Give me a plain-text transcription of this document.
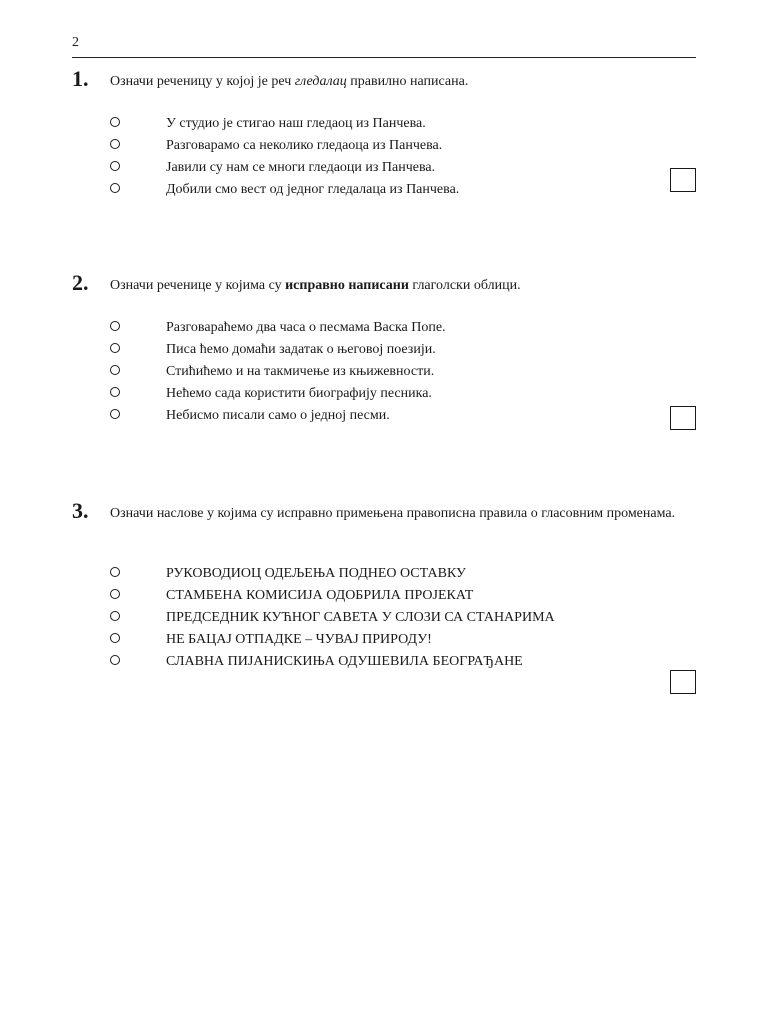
2
1. Означи реченицу у којој је реч гледалац правилно написана.
У студио је стигао наш гледаоц из Панчева.
Разговарамо са неколико гледаоца из Панчева.
Јавили су нам се многи гледаоци из Панчева.
Добили смо вест од једног гледалаца из Панчева.
2. Означи реченице у којима су исправно написани глаголски облици.
Разговараћемо два часа о песмама Васка Попе.
Писа ћемо домаћи задатак о његовој поезији.
Стићићемо и на такмичење из књижевности.
Нећемо сада користити биографију песника.
Небисмо писали само о једној песми.
3. Означи наслове у којима су исправно примењена правописна правила о гласовним променама.
РУКОВОДИОЦ ОДЕЉЕЊА ПОДНЕО ОСТАВКУ
СТАМБЕНА КОМИСИЈА ОДОБРИЛА ПРОЈЕКАТ
ПРЕДСЕДНИК КУЋНОГ САВЕТА У СЛОЗИ СА СТАНАРИМА
НЕ БАЦАЈ ОТПАДКЕ – ЧУВАЈ ПРИРОДУ!
СЛАВНА ПИЈАНИСКИЊА ОДУШЕВИЛА БЕОГРАЂАНЕ
